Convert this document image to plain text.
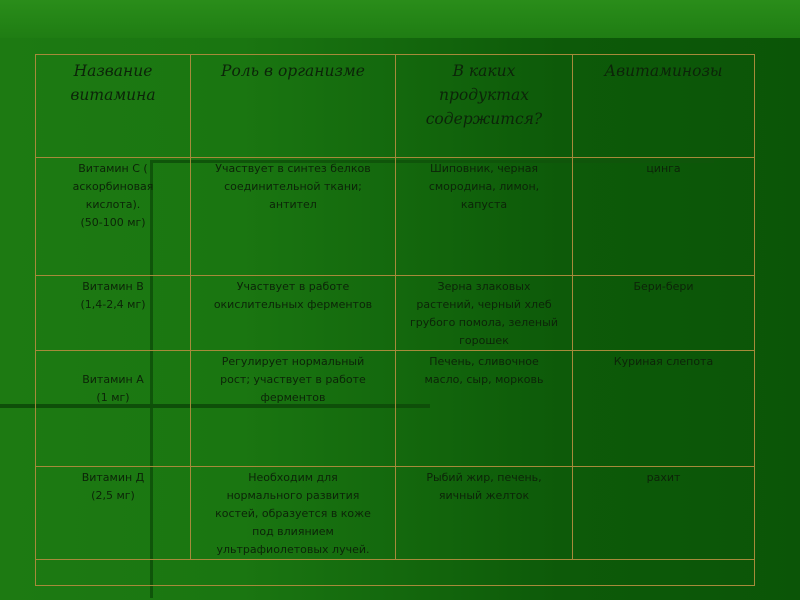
Название
витамина	Роль в организме	В каких
продуктах
содержится?	Авитаминозы

Витамин С (
аскорбиновая
кислота).
(50-100 мг)	Участвует в синтез белков
соединительной ткани;
антител	Шиповник, черная
смородина, лимон,
капуста	цинга

Витамин В
(1,4-2,4 мг)	Участвует в работе
окислительных ферментов	Зерна злаковых
растений, черный хлеб
грубого помола, зеленый
горошек	Бери-бери

Витамин А
(1 мг)	Регулирует нормальный
рост; участвует в работе
ферментов	Печень, сливочное
масло, сыр, морковь	Куриная слепота

Витамин Д
(2,5 мг)	Необходим для
нормального развития
костей, образуется в коже
под влиянием
ультрафиолетовых лучей.	Рыбий жир, печень,
яичный желток	рахит
